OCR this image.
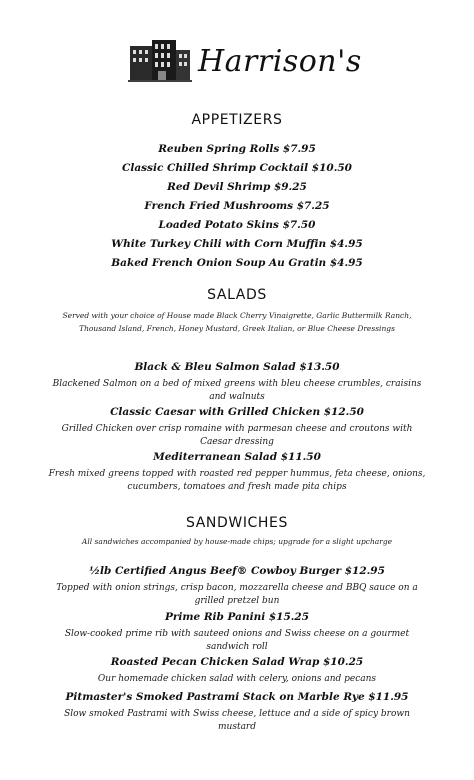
Harrison's
APPETIZERS
Reuben Spring Rolls $7.95
Classic Chilled Shrimp Cocktail $10.50
Red Devil Shrimp $9.25
French Fried Mushrooms $7.25
Loaded Potato Skins $7.50
White Turkey Chili with Corn Muffin $4.95
Baked French Onion Soup Au Gratin $4.95
SALADS
Served with your choice of House made Black Cherry Vinaigrette, Garlic Buttermilk Ranch,
Thousand Island, French, Honey Mustard, Greek Italian, or Blue Cheese Dressings
Black & Bleu Salmon Salad $13.50
Blackened Salmon on a bed of mixed greens with bleu cheese crumbles, craisins
and walnuts
Classic Caesar with Grilled Chicken $12.50
Grilled Chicken over crisp romaine with parmesan cheese and croutons with
Caesar dressing
Mediterranean Salad $11.50
Fresh mixed greens topped with roasted red pepper hummus, feta cheese, onions,
cucumbers, tomatoes and fresh made pita chips
SANDWICHES
All sandwiches accompanied by house-made chips; upgrade for a slight upcharge
½lb Certified Angus Beef® Cowboy Burger $12.95
Topped with onion strings, crisp bacon, mozzarella cheese and BBQ sauce on a
grilled pretzel bun
Prime Rib Panini $15.25
Slow-cooked prime rib with sauteed onions and Swiss cheese on a gourmet
sandwich roll
Roasted Pecan Chicken Salad Wrap $10.25
Our homemade chicken salad with celery, onions and pecans
Pitmaster's Smoked Pastrami Stack on Marble Rye $11.95
Slow smoked Pastrami with Swiss cheese, lettuce and a side of spicy brown
mustard
